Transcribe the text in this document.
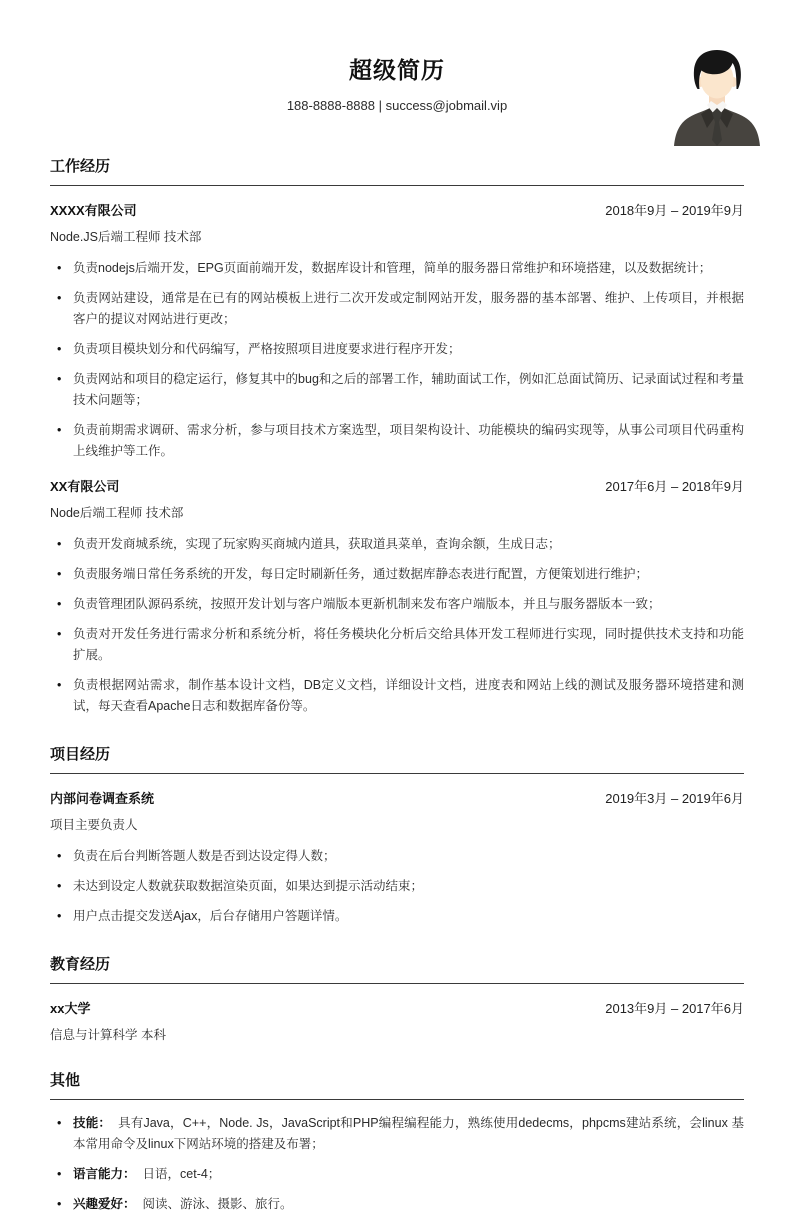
超级简历
188-8888-8888 | success@jobmail.vip
工作经历
XXXX有限公司	2018年9月 – 2019年9月
Node.JS后端工程师 技术部
• 负责nodejs后端开发，EPG页面前端开发，数据库设计和管理，简单的服务器日常维护和环境搭建，以及数据统计；
• 负责网站建设，通常是在已有的网站模板上进行二次开发或定制网站开发，服务器的基本部署、维护、上传项目，并根据客户的提议对网站进行更改；
• 负责项目模块划分和代码编写，严格按照项目进度要求进行程序开发；
• 负责网站和项目的稳定运行，修复其中的bug和之后的部署工作，辅助面试工作，例如汇总面试简历、记录面试过程和考量技术问题等；
• 负责前期需求调研、需求分析，参与项目技术方案选型，项目架构设计、功能模块的编码实现等，从事公司项目代码重构上线维护等工作。
XX有限公司	2017年6月 – 2018年9月
Node后端工程师 技术部
• 负责开发商城系统，实现了玩家购买商城内道具，获取道具菜单，查询余额，生成日志；
• 负责服务端日常任务系统的开发，每日定时刷新任务，通过数据库静态表进行配置，方便策划进行维护；
• 负责管理团队源码系统，按照开发计划与客户端版本更新机制来发布客户端版本，并且与服务器版本一致；
• 负责对开发任务进行需求分析和系统分析，将任务模块化分析后交给具体开发工程师进行实现，同时提供技术支持和功能扩展。
• 负责根据网站需求，制作基本设计文档，DB定义文档，详细设计文档，进度表和网站上线的测试及服务器环境搭建和测试，每天查看Apache日志和数据库备份等。
项目经历
内部问卷调查系统	2019年3月 – 2019年6月
项目主要负责人
• 负责在后台判断答题人数是否到达设定得人数；
• 未达到设定人数就获取数据渲染页面，如果达到提示活动结束；
• 用户点击提交发送Ajax，后台存储用户答题详情。
教育经历
xx大学	2013年9月 – 2017年6月
信息与计算科学 本科
其他
• 技能： 具有Java，C++，Node. Js，JavaScript和PHP编程编程能力，熟练使用dedecms，phpcms建站系统，会linux 基本常用命令及linux下网站环境的搭建及布署；
• 语言能力： 日语，cet-4；
• 兴趣爱好： 阅读、游泳、摄影、旅行。
